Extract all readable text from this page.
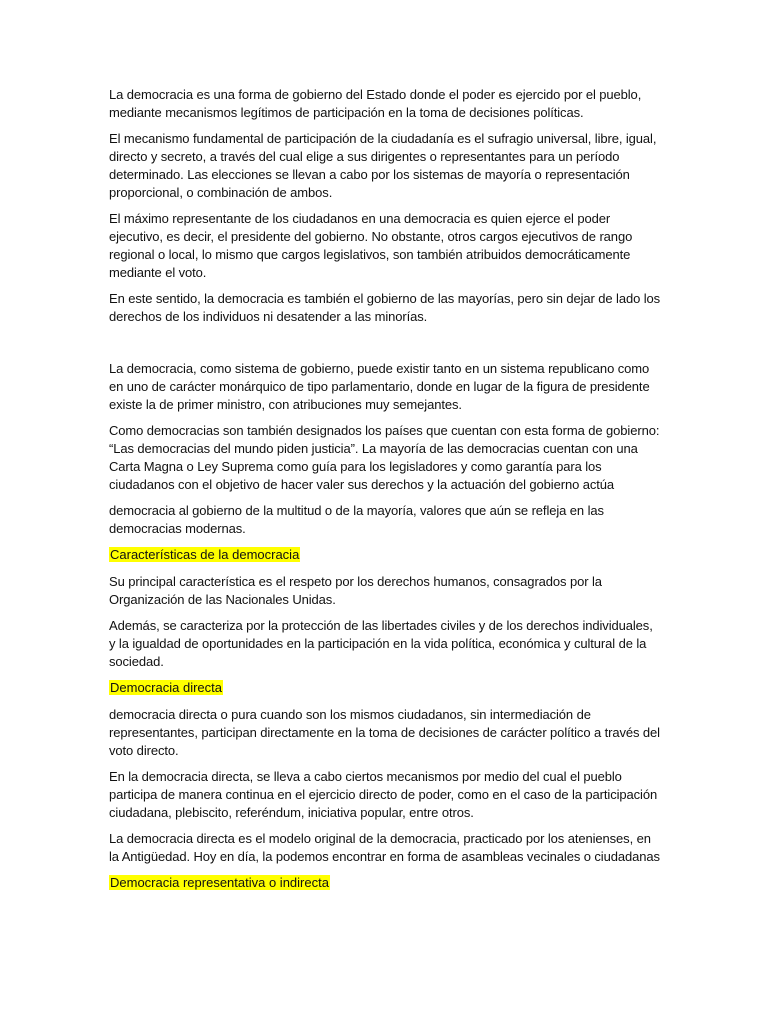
La democracia es una forma de gobierno del Estado donde el poder es ejercido por el pueblo, mediante mecanismos legítimos de participación en la toma de decisiones políticas.

El mecanismo fundamental de participación de la ciudadanía es el sufragio universal, libre, igual, directo y secreto, a través del cual elige a sus dirigentes o representantes para un período determinado. Las elecciones se llevan a cabo por los sistemas de mayoría o representación proporcional, o combinación de ambos.

El máximo representante de los ciudadanos en una democracia es quien ejerce el poder ejecutivo, es decir, el presidente del gobierno. No obstante, otros cargos ejecutivos de rango regional o local, lo mismo que cargos legislativos, son también atribuidos democráticamente mediante el voto.

En este sentido, la democracia es también el gobierno de las mayorías, pero sin dejar de lado los derechos de los individuos ni desatender a las minorías.

La democracia, como sistema de gobierno, puede existir tanto en un sistema republicano como en uno de carácter monárquico de tipo parlamentario, donde en lugar de la figura de presidente existe la de primer ministro, con atribuciones muy semejantes.

Como democracias son también designados los países que cuentan con esta forma de gobierno: “Las democracias del mundo piden justicia”. La mayoría de las democracias cuentan con una Carta Magna o Ley Suprema como guía para los legisladores y como garantía para los ciudadanos con el objetivo de hacer valer sus derechos y la actuación del gobierno actúa

democracia al gobierno de la multitud o de la mayoría, valores que aún se refleja en las democracias modernas.

Características de la democracia

Su principal característica es el respeto por los derechos humanos, consagrados por la Organización de las Nacionales Unidas.

Además, se caracteriza por la protección de las libertades civiles y de los derechos individuales, y la igualdad de oportunidades en la participación en la vida política, económica y cultural de la sociedad.

Democracia directa

democracia directa o pura cuando son los mismos ciudadanos, sin intermediación de representantes, participan directamente en la toma de decisiones de carácter político a través del voto directo.

En la democracia directa, se lleva a cabo ciertos mecanismos por medio del cual el pueblo participa de manera continua en el ejercicio directo de poder, como en el caso de la participación ciudadana, plebiscito, referéndum, iniciativa popular, entre otros.

La democracia directa es el modelo original de la democracia, practicado por los atenienses, en la Antigüedad. Hoy en día, la podemos encontrar en forma de asambleas vecinales o ciudadanas

Democracia representativa o indirecta
